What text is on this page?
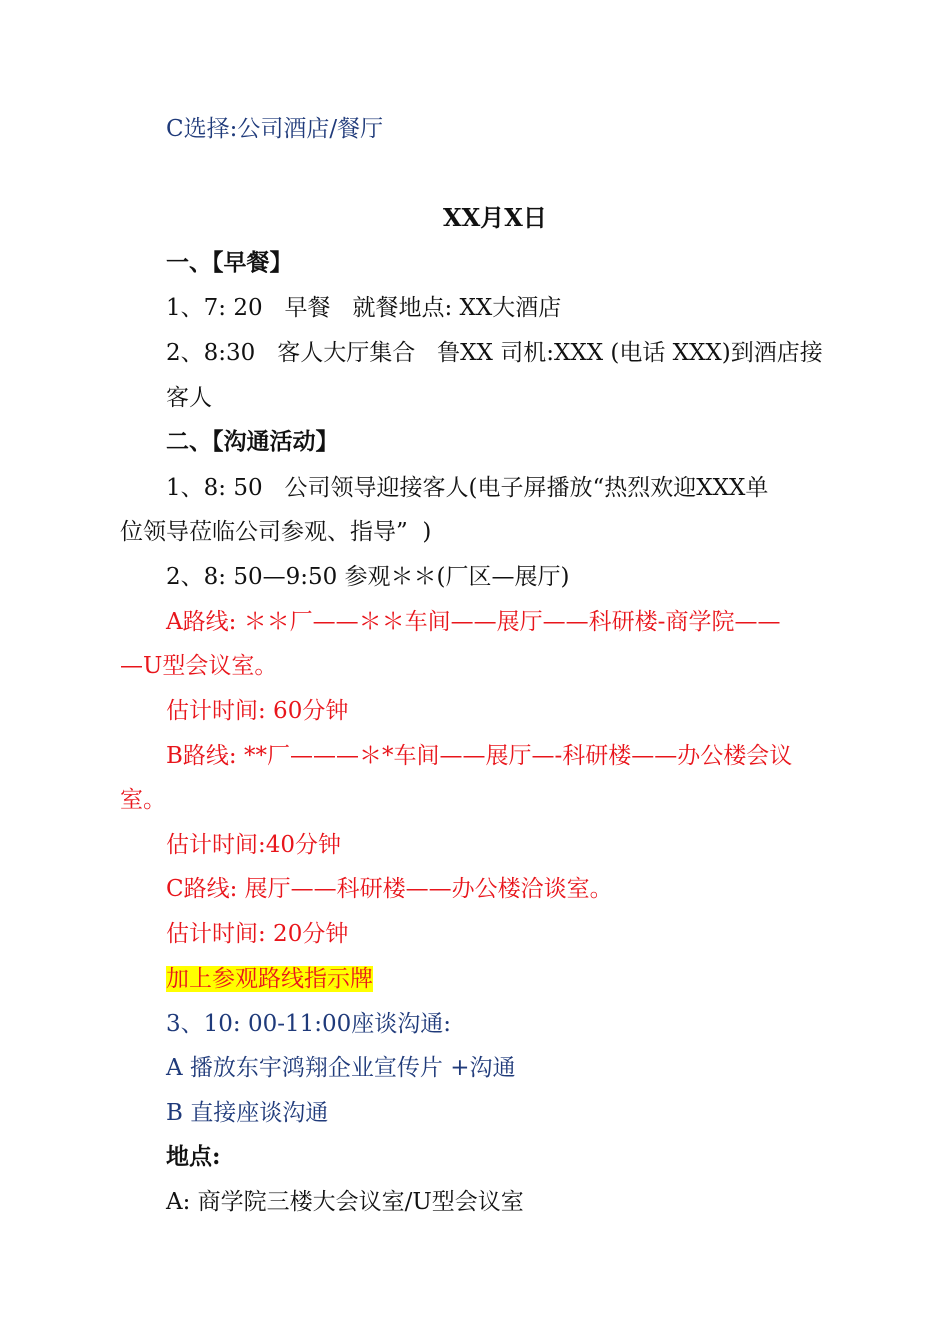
C选择:公司酒店/餐厅
XX月X日
一、【早餐】
1、7: 20   早餐   就餐地点: XX大酒店
2、8:30   客人大厅集合   鲁XX 司机:XXX (电话 XXX)到酒店接
客人
二、【沟通活动】
1、8: 50   公司领导迎接客人(电子屏播放“热烈欢迎XXX单
位领导莅临公司参观、指导”  )
2、8: 50—9:50 参观＊＊(厂区—展厅)
A路线: ＊＊厂——＊＊车间——展厅——科研楼-商学院——
—U型会议室。
估计时间: 60分钟
B路线: **厂———＊*车间——展厅—-科研楼——办公楼会议
室。
估计时间:40分钟
C路线: 展厅——科研楼——办公楼洽谈室。
估计时间: 20分钟
加上参观路线指示牌
3、10: 00-11:00座谈沟通:
A 播放东宇鸿翔企业宣传片 +沟通
B 直接座谈沟通
地点:
A: 商学院三楼大会议室/U型会议室
